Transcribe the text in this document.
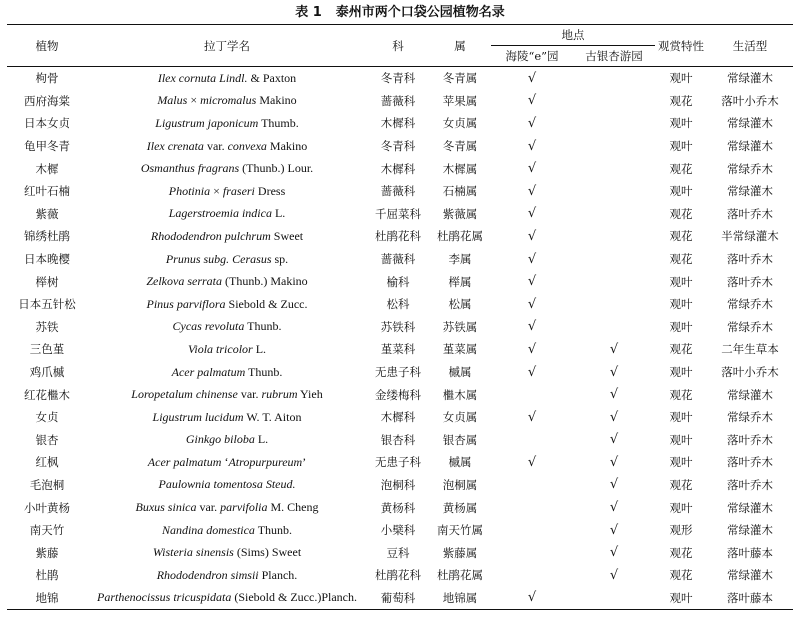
表 1 泰州市两个口袋公园植物名录
植物	拉丁学名	科	属	地点		观赏特性	生活型
				海陵“e”园	古银杏游园		
枸骨	Ilex cornuta Lindl. & Paxton	冬青科	冬青属	√		观叶	常绿灌木
西府海棠	Malus × micromalus Makino	蔷薇科	苹果属	√		观花	落叶小乔木
日本女贞	Ligustrum japonicum Thumb.	木樨科	女贞属	√		观叶	常绿灌木
龟甲冬青	Ilex crenata var. convexa Makino	冬青科	冬青属	√		观叶	常绿灌木
木樨	Osmanthus fragrans (Thunb.) Lour.	木樨科	木樨属	√		观花	常绿乔木
红叶石楠	Photinia × fraseri Dress	蔷薇科	石楠属	√		观叶	常绿灌木
紫薇	Lagerstroemia indica L.	千屈菜科	紫薇属	√		观花	落叶乔木
锦绣杜鹃	Rhododendron pulchrum Sweet	杜鹃花科	杜鹃花属	√		观花	半常绿灌木
日本晚樱	Prunus subg. Cerasus sp.	蔷薇科	李属	√		观花	落叶乔木
榉树	Zelkova serrata (Thunb.) Makino	榆科	榉属	√		观叶	落叶乔木
日本五针松	Pinus parviflora Siebold & Zucc.	松科	松属	√		观叶	常绿乔木
苏铁	Cycas revoluta Thunb.	苏铁科	苏铁属	√		观叶	常绿乔木
三色堇	Viola tricolor L.	堇菜科	堇菜属	√	√	观花	二年生草本
鸡爪槭	Acer palmatum Thunb.	无患子科	槭属	√	√	观叶	落叶小乔木
红花檵木	Loropetalum chinense var. rubrum Yieh	金缕梅科	檵木属		√	观花	常绿灌木
女贞	Ligustrum lucidum W. T. Aiton	木樨科	女贞属	√	√	观叶	常绿乔木
银杏	Ginkgo biloba L.	银杏科	银杏属		√	观叶	落叶乔木
红枫	Acer palmatum ‘Atropurpureum’	无患子科	槭属	√	√	观叶	落叶乔木
毛泡桐	Paulownia tomentosa Steud.	泡桐科	泡桐属		√	观花	落叶乔木
小叶黄杨	Buxus sinica var. parvifolia M. Cheng	黄杨科	黄杨属		√	观叶	常绿灌木
南天竹	Nandina domestica Thunb.	小檗科	南天竹属		√	观形	常绿灌木
紫藤	Wisteria sinensis (Sims) Sweet	豆科	紫藤属		√	观花	落叶藤本
杜鹃	Rhododendron simsii Planch.	杜鹃花科	杜鹃花属		√	观花	常绿灌木
地锦	Parthenocissus tricuspidata (Siebold & Zucc.)Planch.	葡萄科	地锦属	√		观叶	落叶藤本
